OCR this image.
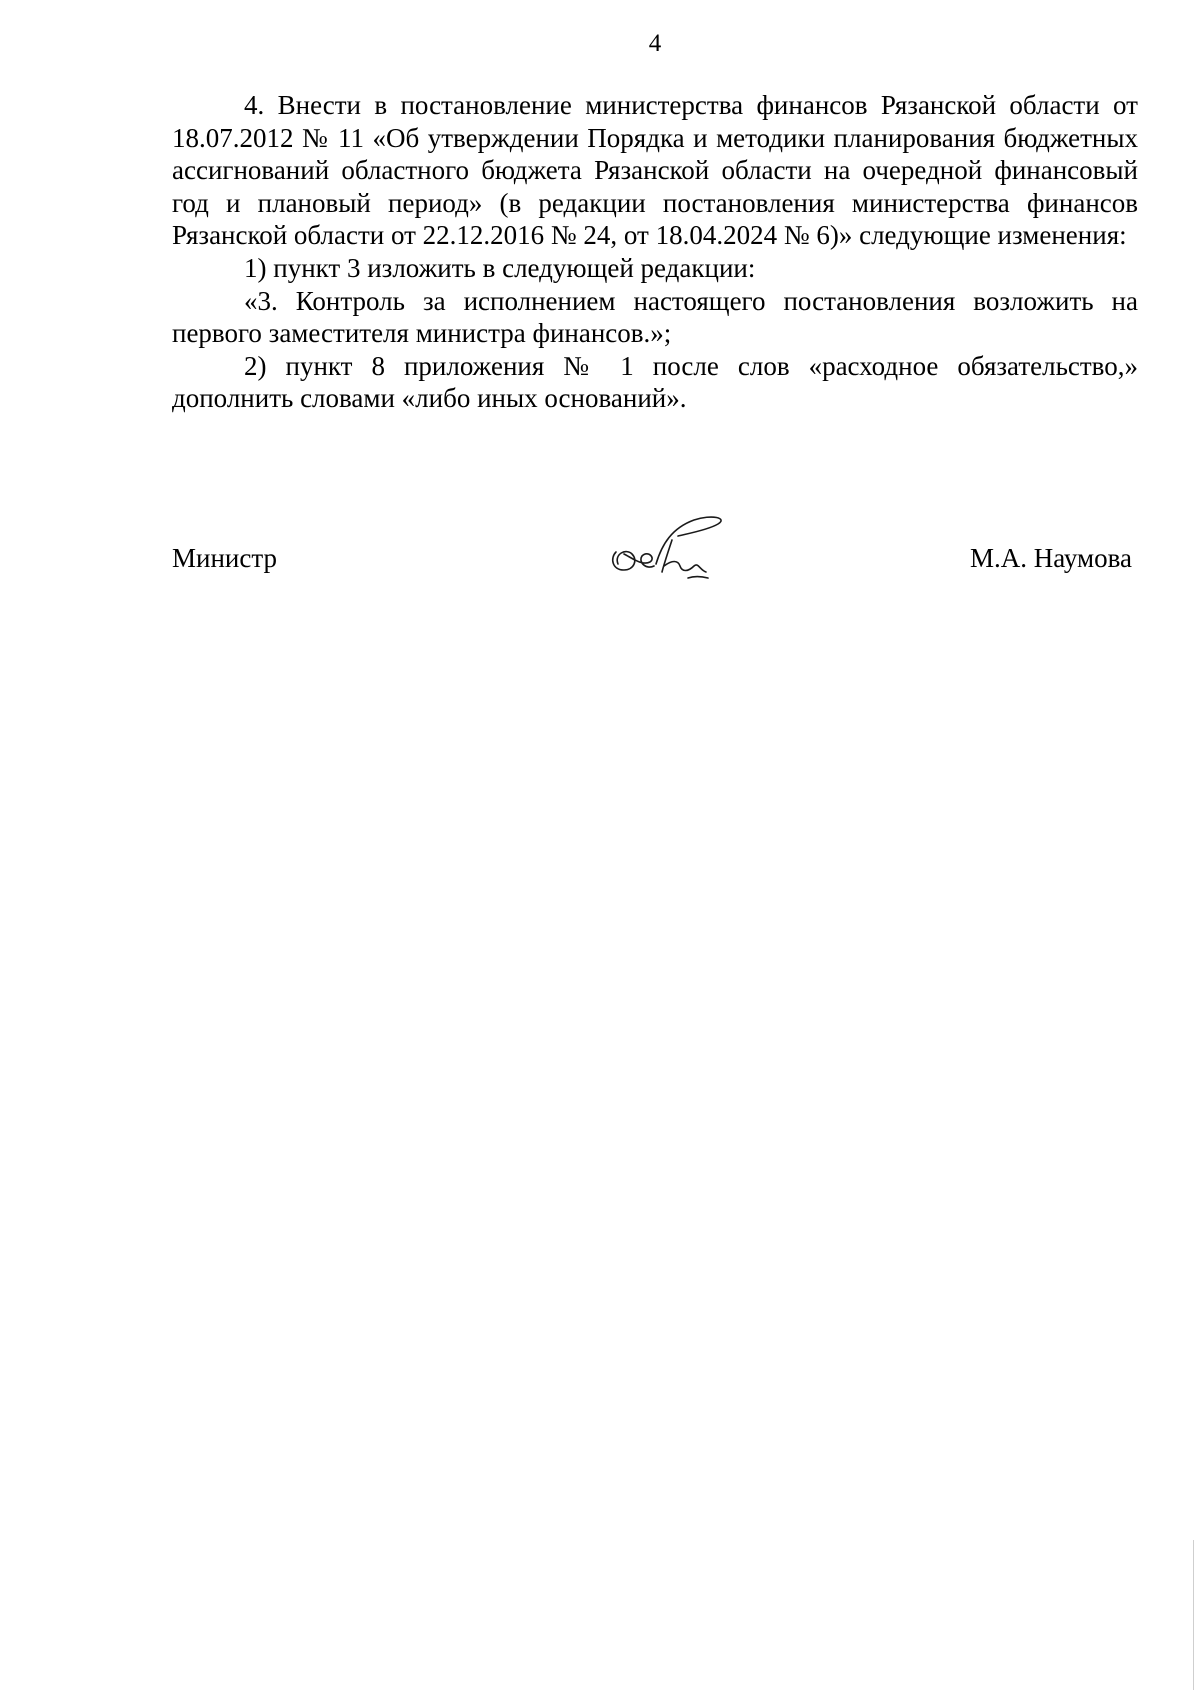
4

4. Внести в постановление министерства финансов Рязанской области от 18.07.2012 № 11 «Об утверждении Порядка и методики планирования бюджетных ассигнований областного бюджета Рязанской области на очередной финансовый год и плановый период» (в редакции постановления министерства финансов Рязанской области от 22.12.2016 № 24, от 18.04.2024 № 6)» следующие изменения:

1) пункт 3 изложить в следующей редакции:

«3. Контроль за исполнением настоящего постановления возложить на первого заместителя министра финансов.»;

2) пункт 8 приложения № 1 после слов «расходное обязательство,» дополнить словами «либо иных оснований».

Министр	М.А. Наумова
